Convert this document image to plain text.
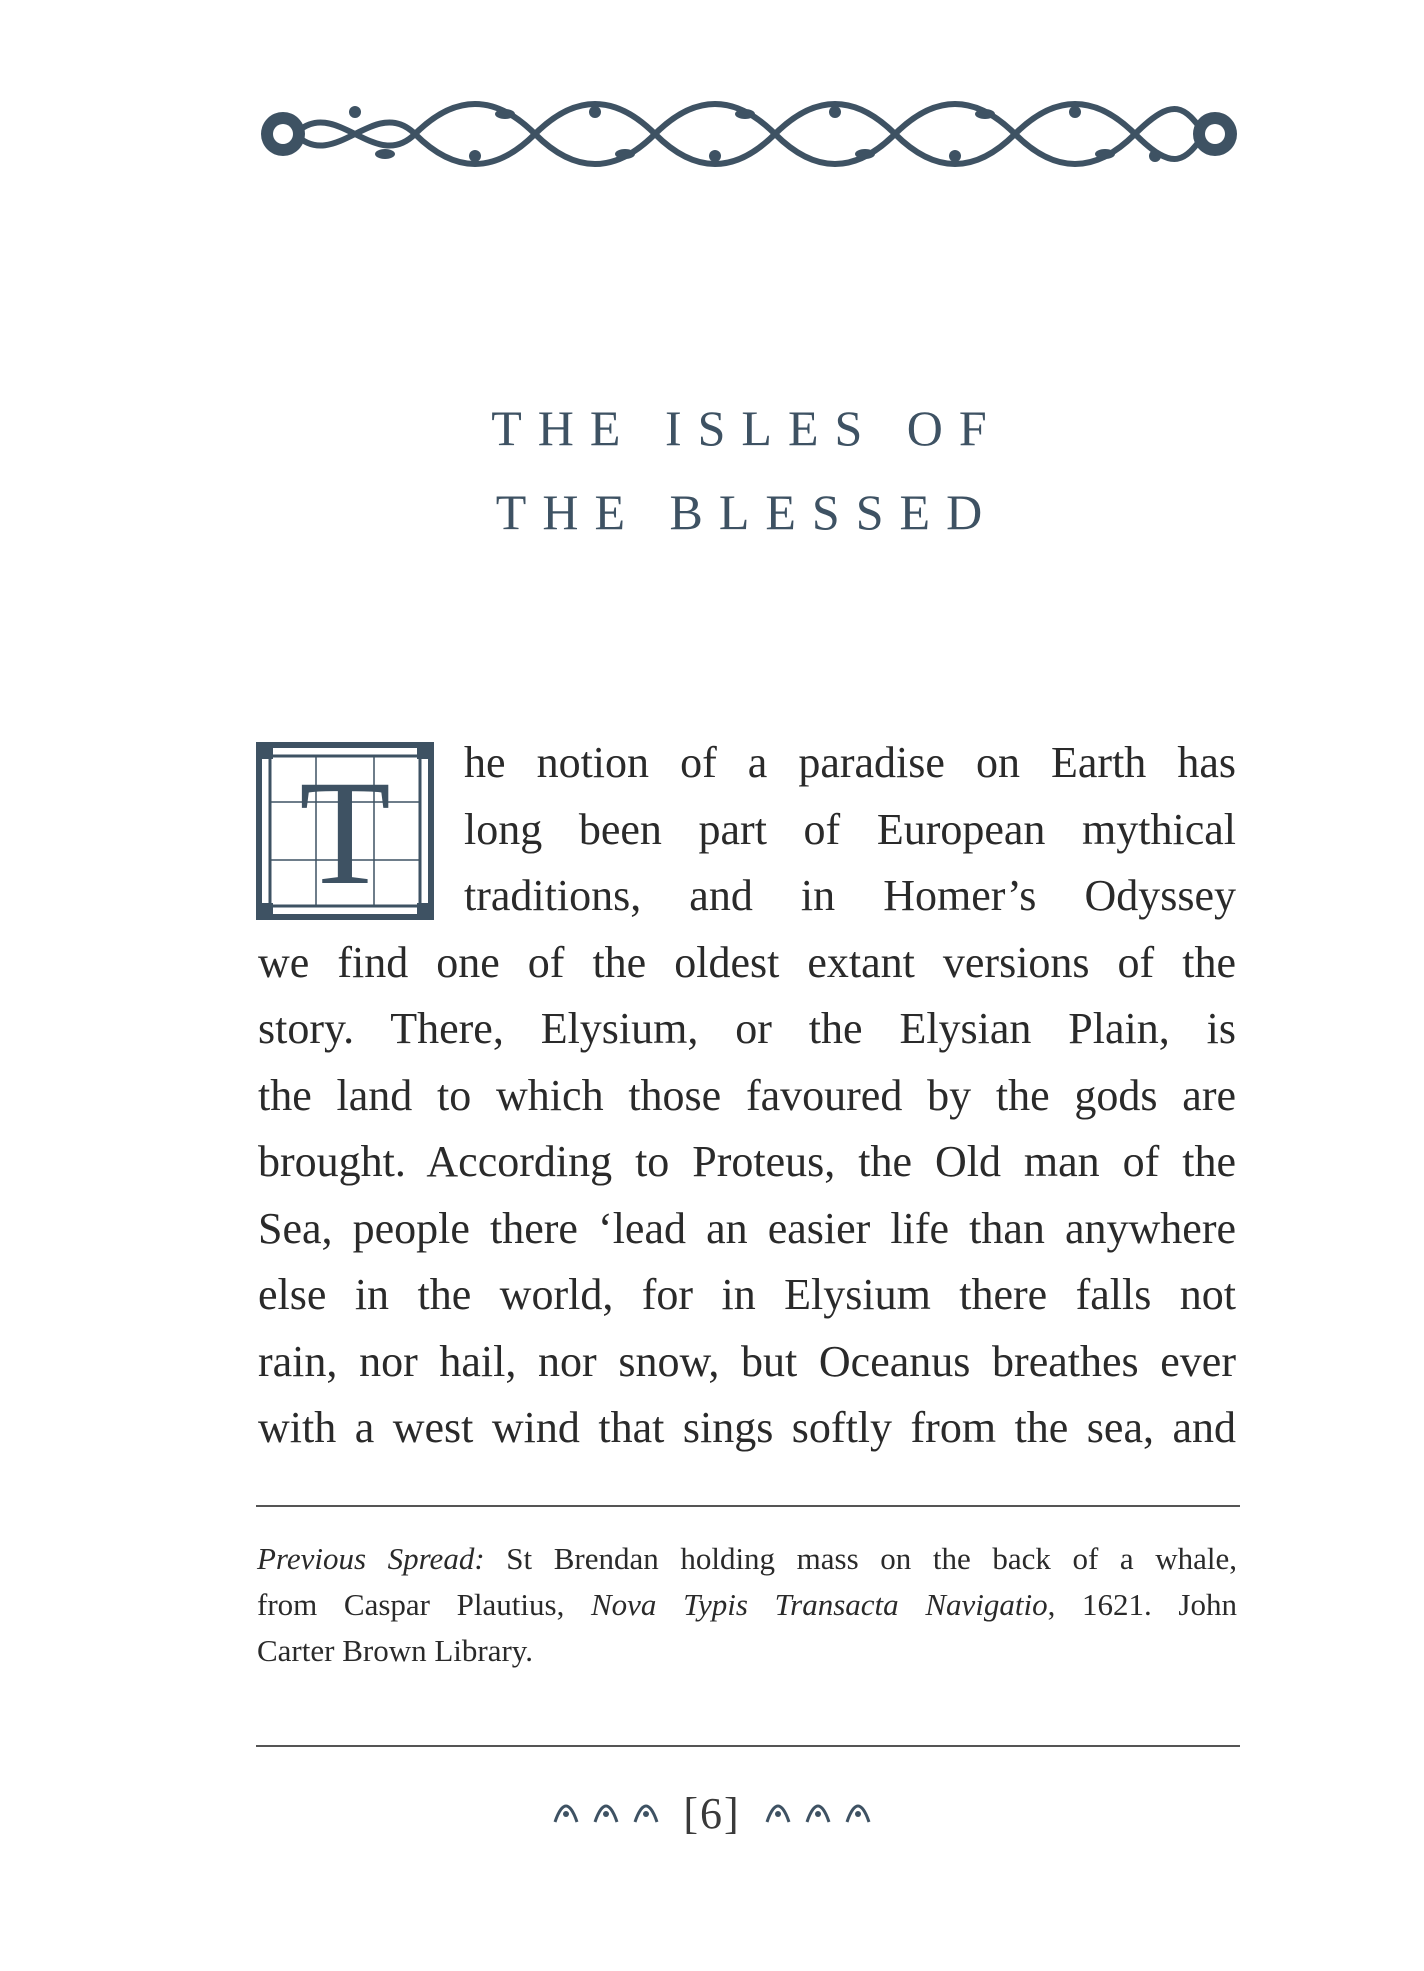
THE ISLES OF
THE BLESSED
T	he notion of a paradise on Earth has
long been part of European mythical
traditions, and in Homer’s Odyssey
we find one of the oldest extant versions of the
story. There, Elysium, or the Elysian Plain, is
the land to which those favoured by the gods are
brought. According to Proteus, the Old man of the
Sea, people there ‘lead an easier life than anywhere
else in the world, for in Elysium there falls not
rain, nor hail, nor snow, but Oceanus breathes ever
with a west wind that sings softly from the sea, and
Previous Spread: St Brendan holding mass on the back of a whale,
from Caspar Plautius, Nova Typis Transacta Navigatio, 1621. John
Carter Brown Library.
[6]
